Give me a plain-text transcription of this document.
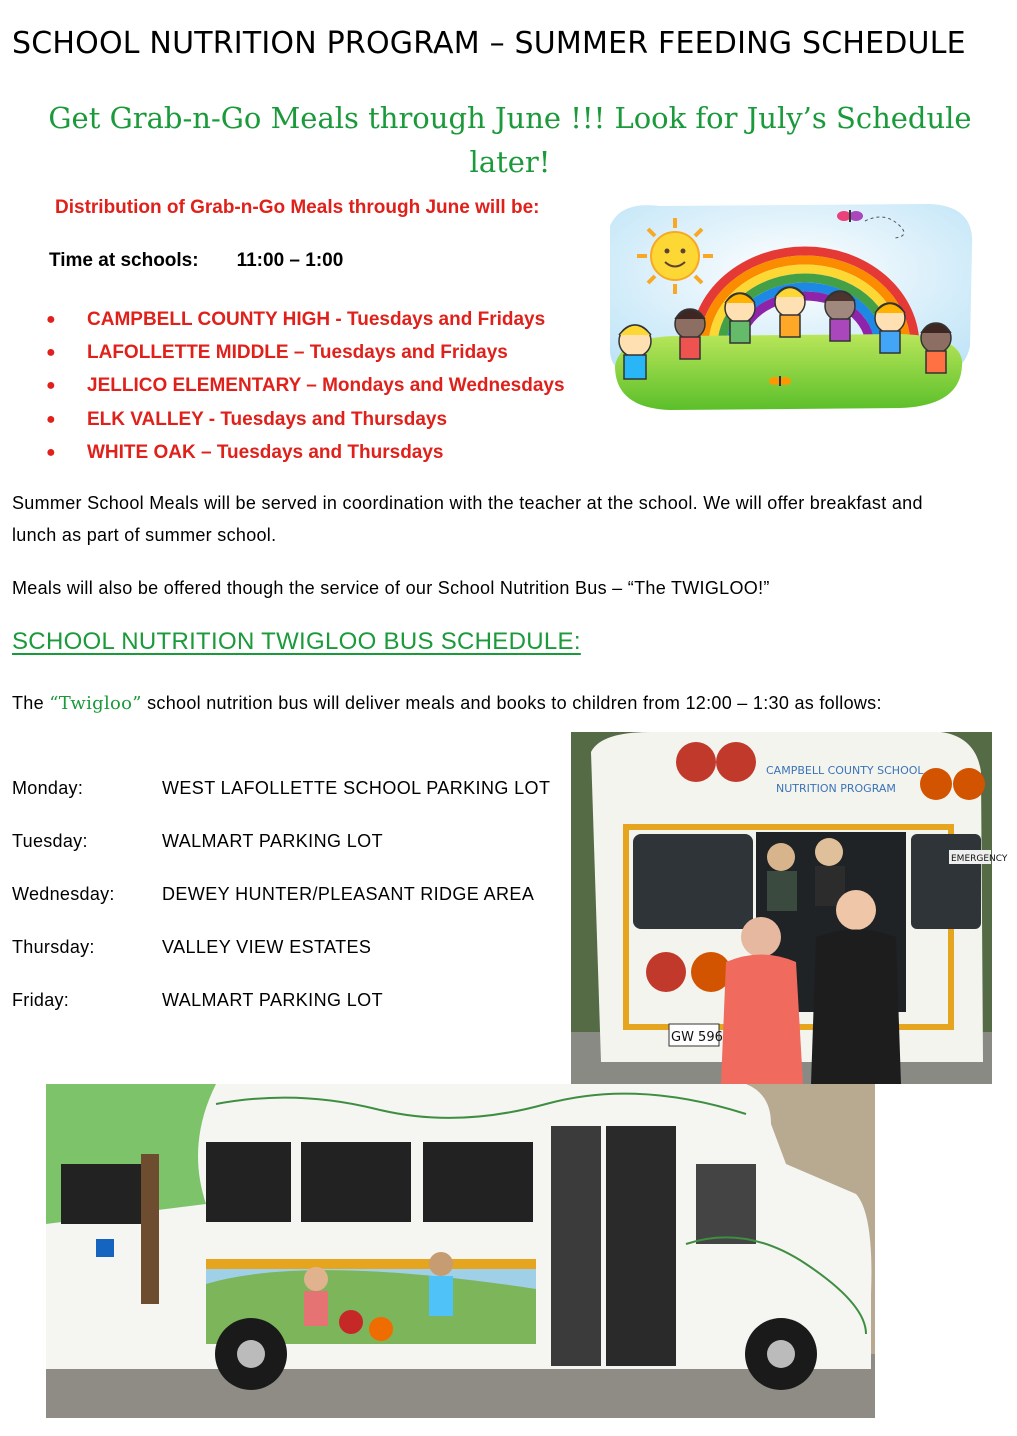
SCHOOL NUTRITION PROGRAM – SUMMER FEEDING SCHEDULE
Get Grab-n-Go Meals through June !!! Look for July’s Schedule later!
Distribution of Grab-n-Go Meals through June will be:
Time at schools: 11:00 – 1:00
●	CAMPBELL COUNTY HIGH - Tuesdays and Fridays
●	LAFOLLETTE MIDDLE – Tuesdays and Fridays
●	JELLICO ELEMENTARY – Mondays and Wednesdays
●	ELK VALLEY - Tuesdays and Thursdays
●	WHITE OAK – Tuesdays and Thursdays
Summer School Meals will be served in coordination with the teacher at the school. We will offer breakfast and lunch as part of summer school.
Meals will also be offered though the service of our School Nutrition Bus – “The TWIGLOO!”
SCHOOL NUTRITION TWIGLOO BUS SCHEDULE:
The “Twigloo” school nutrition bus will deliver meals and books to children from 12:00 – 1:30 as follows:
Monday:	WEST LAFOLLETTE SCHOOL PARKING LOT
Tuesday:	WALMART PARKING LOT
Wednesday:	DEWEY HUNTER/PLEASANT RIDGE AREA
Thursday:	VALLEY VIEW ESTATES
Friday:	WALMART PARKING LOT
EMERGENCY
CAMPBELL COUNTY SCHOOL
NUTRITION PROGRAM
GW 596
